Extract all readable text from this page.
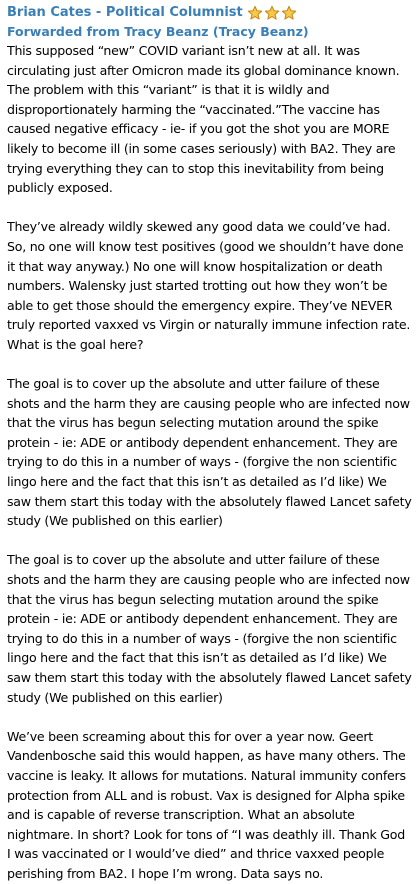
Brian Cates - Political Columnist
Forwarded from Tracy Beanz (Tracy Beanz)

This supposed “new” COVID variant isn’t new at all. It was circulating just after Omicron made its global dominance known. The problem with this “variant” is that it is wildly and disproportionately harming the “vaccinated.”The vaccine has caused negative efficacy - ie- if you got the shot you are MORE likely to become ill (in some cases seriously) with BA2. They are trying everything they can to stop this inevitability from being publicly exposed.

They’ve already wildly skewed any good data we could’ve had. So, no one will know test positives (good we shouldn’t have done it that way anyway.) No one will know hospitalization or death numbers. Walensky just started trotting out how they won’t be able to get those should the emergency expire. They’ve NEVER truly reported vaxxed vs Virgin or naturally immune infection rate. What is the goal here?

The goal is to cover up the absolute and utter failure of these shots and the harm they are causing people who are infected now that the virus has begun selecting mutation around the spike protein - ie: ADE or antibody dependent enhancement. They are trying to do this in a number of ways - (forgive the non scientific lingo here and the fact that this isn’t as detailed as I’d like) We saw them start this today with the absolutely flawed Lancet safety study (We published on this earlier)

The goal is to cover up the absolute and utter failure of these shots and the harm they are causing people who are infected now that the virus has begun selecting mutation around the spike protein - ie: ADE or antibody dependent enhancement. They are trying to do this in a number of ways - (forgive the non scientific lingo here and the fact that this isn’t as detailed as I’d like) We saw them start this today with the absolutely flawed Lancet safety study (We published on this earlier)

We’ve been screaming about this for over a year now. Geert Vandenbosche said this would happen, as have many others. The vaccine is leaky. It allows for mutations. Natural immunity confers protection from ALL and is robust. Vax is designed for Alpha spike and is capable of reverse transcription. What an absolute nightmare. In short? Look for tons of “I was deathly ill. Thank God I was vaccinated or I would’ve died” and thrice vaxxed people perishing from BA2. I hope I’m wrong. Data says no.
